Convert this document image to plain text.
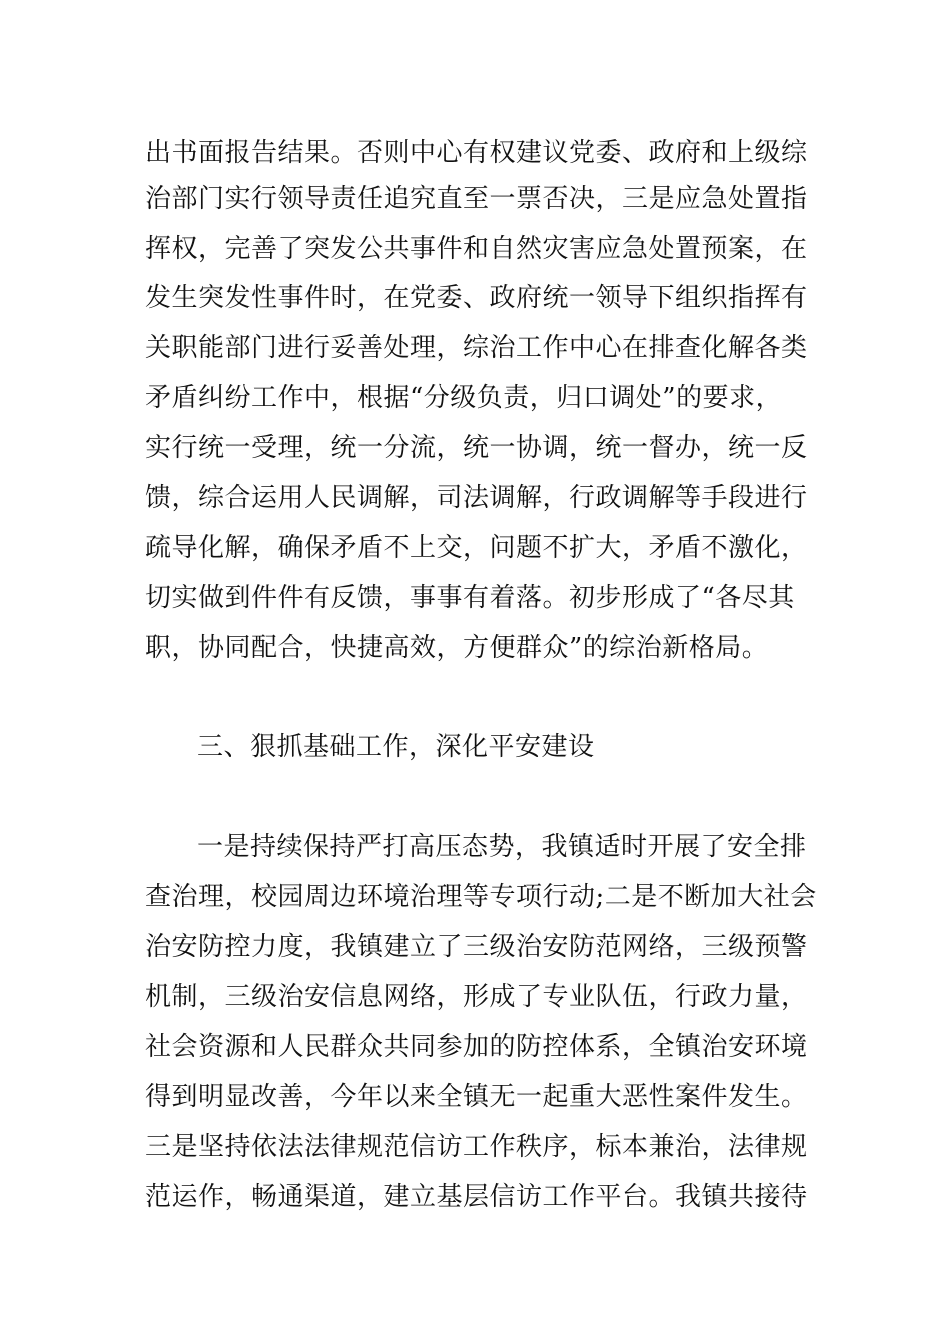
出书面报告结果。否则中心有权建议党委、政府和上级综
治部门实行领导责任追究直至一票否决，三是应急处置指
挥权，完善了突发公共事件和自然灾害应急处置预案，在
发生突发性事件时，在党委、政府统一领导下组织指挥有
关职能部门进行妥善处理，综治工作中心在排查化解各类
矛盾纠纷工作中，根据“分级负责，归口调处”的要求，
实行统一受理，统一分流，统一协调，统一督办，统一反
馈，综合运用人民调解，司法调解，行政调解等手段进行
疏导化解，确保矛盾不上交，问题不扩大，矛盾不激化，
切实做到件件有反馈，事事有着落。初步形成了“各尽其
职，协同配合，快捷高效，方便群众”的综治新格局。
三、狠抓基础工作，深化平安建设
一是持续保持严打高压态势，我镇适时开展了安全排
查治理，校园周边环境治理等专项行动;二是不断加大社会
治安防控力度，我镇建立了三级治安防范网络，三级预警
机制，三级治安信息网络，形成了专业队伍，行政力量，
社会资源和人民群众共同参加的防控体系，全镇治安环境
得到明显改善，今年以来全镇无一起重大恶性案件发生。
三是坚持依法法律规范信访工作秩序，标本兼治，法律规
范运作，畅通渠道，建立基层信访工作平台。我镇共接待
